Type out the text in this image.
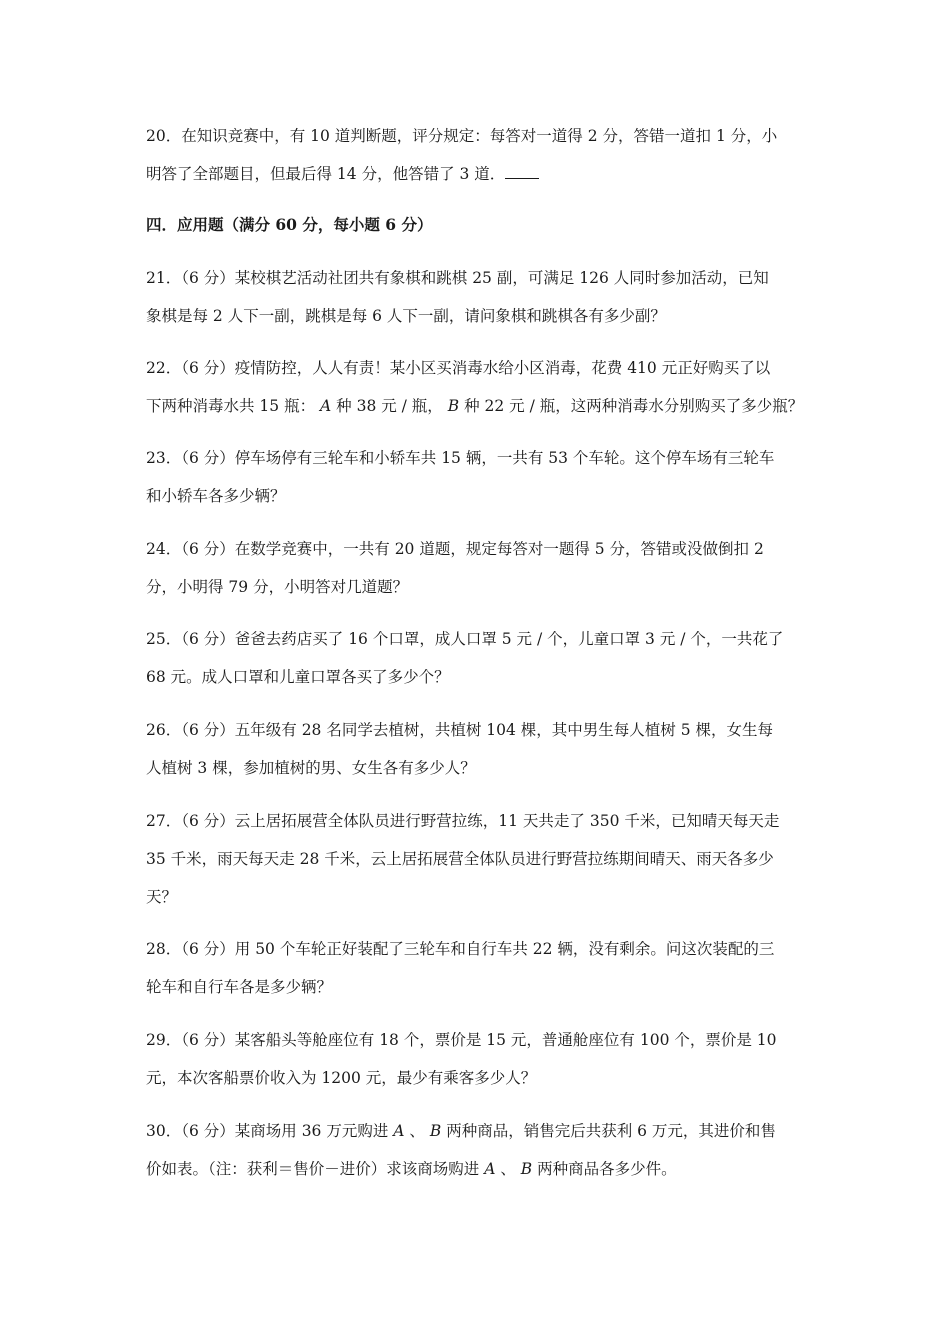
20．在知识竞赛中，有 10 道判断题，评分规定：每答对一道得 2 分，答错一道扣 1 分，小
明答了全部题目，但最后得 14 分，他答错了 3 道．
四．应用题（满分 60 分，每小题 6 分）
21．（6 分）某校棋艺活动社团共有象棋和跳棋 25 副，可满足 126 人同时参加活动，已知
象棋是每 2 人下一副，跳棋是每 6 人下一副，请问象棋和跳棋各有多少副？
22．（6 分）疫情防控，人人有责！某小区买消毒水给小区消毒，花费 410 元正好购买了以
下两种消毒水共 15 瓶： A 种 38 元 / 瓶， B 种 22 元 / 瓶，这两种消毒水分别购买了多少瓶？
23．（6 分）停车场停有三轮车和小轿车共 15 辆，一共有 53 个车轮。这个停车场有三轮车
和小轿车各多少辆？
24．（6 分）在数学竞赛中，一共有 20 道题，规定每答对一题得 5 分，答错或没做倒扣 2
分，小明得 79 分，小明答对几道题？
25．（6 分）爸爸去药店买了 16 个口罩，成人口罩 5 元 / 个，儿童口罩 3 元 / 个，一共花了
68 元。成人口罩和儿童口罩各买了多少个？
26．（6 分）五年级有 28 名同学去植树，共植树 104 棵，其中男生每人植树 5 棵，女生每
人植树 3 棵，参加植树的男、女生各有多少人？
27．（6 分）云上居拓展营全体队员进行野营拉练，11 天共走了 350 千米，已知晴天每天走
35 千米，雨天每天走 28 千米，云上居拓展营全体队员进行野营拉练期间晴天、雨天各多少
天？
28．（6 分）用 50 个车轮正好装配了三轮车和自行车共 22 辆，没有剩余。问这次装配的三
轮车和自行车各是多少辆？
29．（6 分）某客船头等舱座位有 18 个，票价是 15 元，普通舱座位有 100 个，票价是 10
元，本次客船票价收入为 1200 元，最少有乘客多少人？
30．（6 分）某商场用 36 万元购进 A 、 B 两种商品，销售完后共获利 6 万元，其进价和售
价如表。（注：获利＝售价－进价）求该商场购进 A 、 B 两种商品各多少件。
